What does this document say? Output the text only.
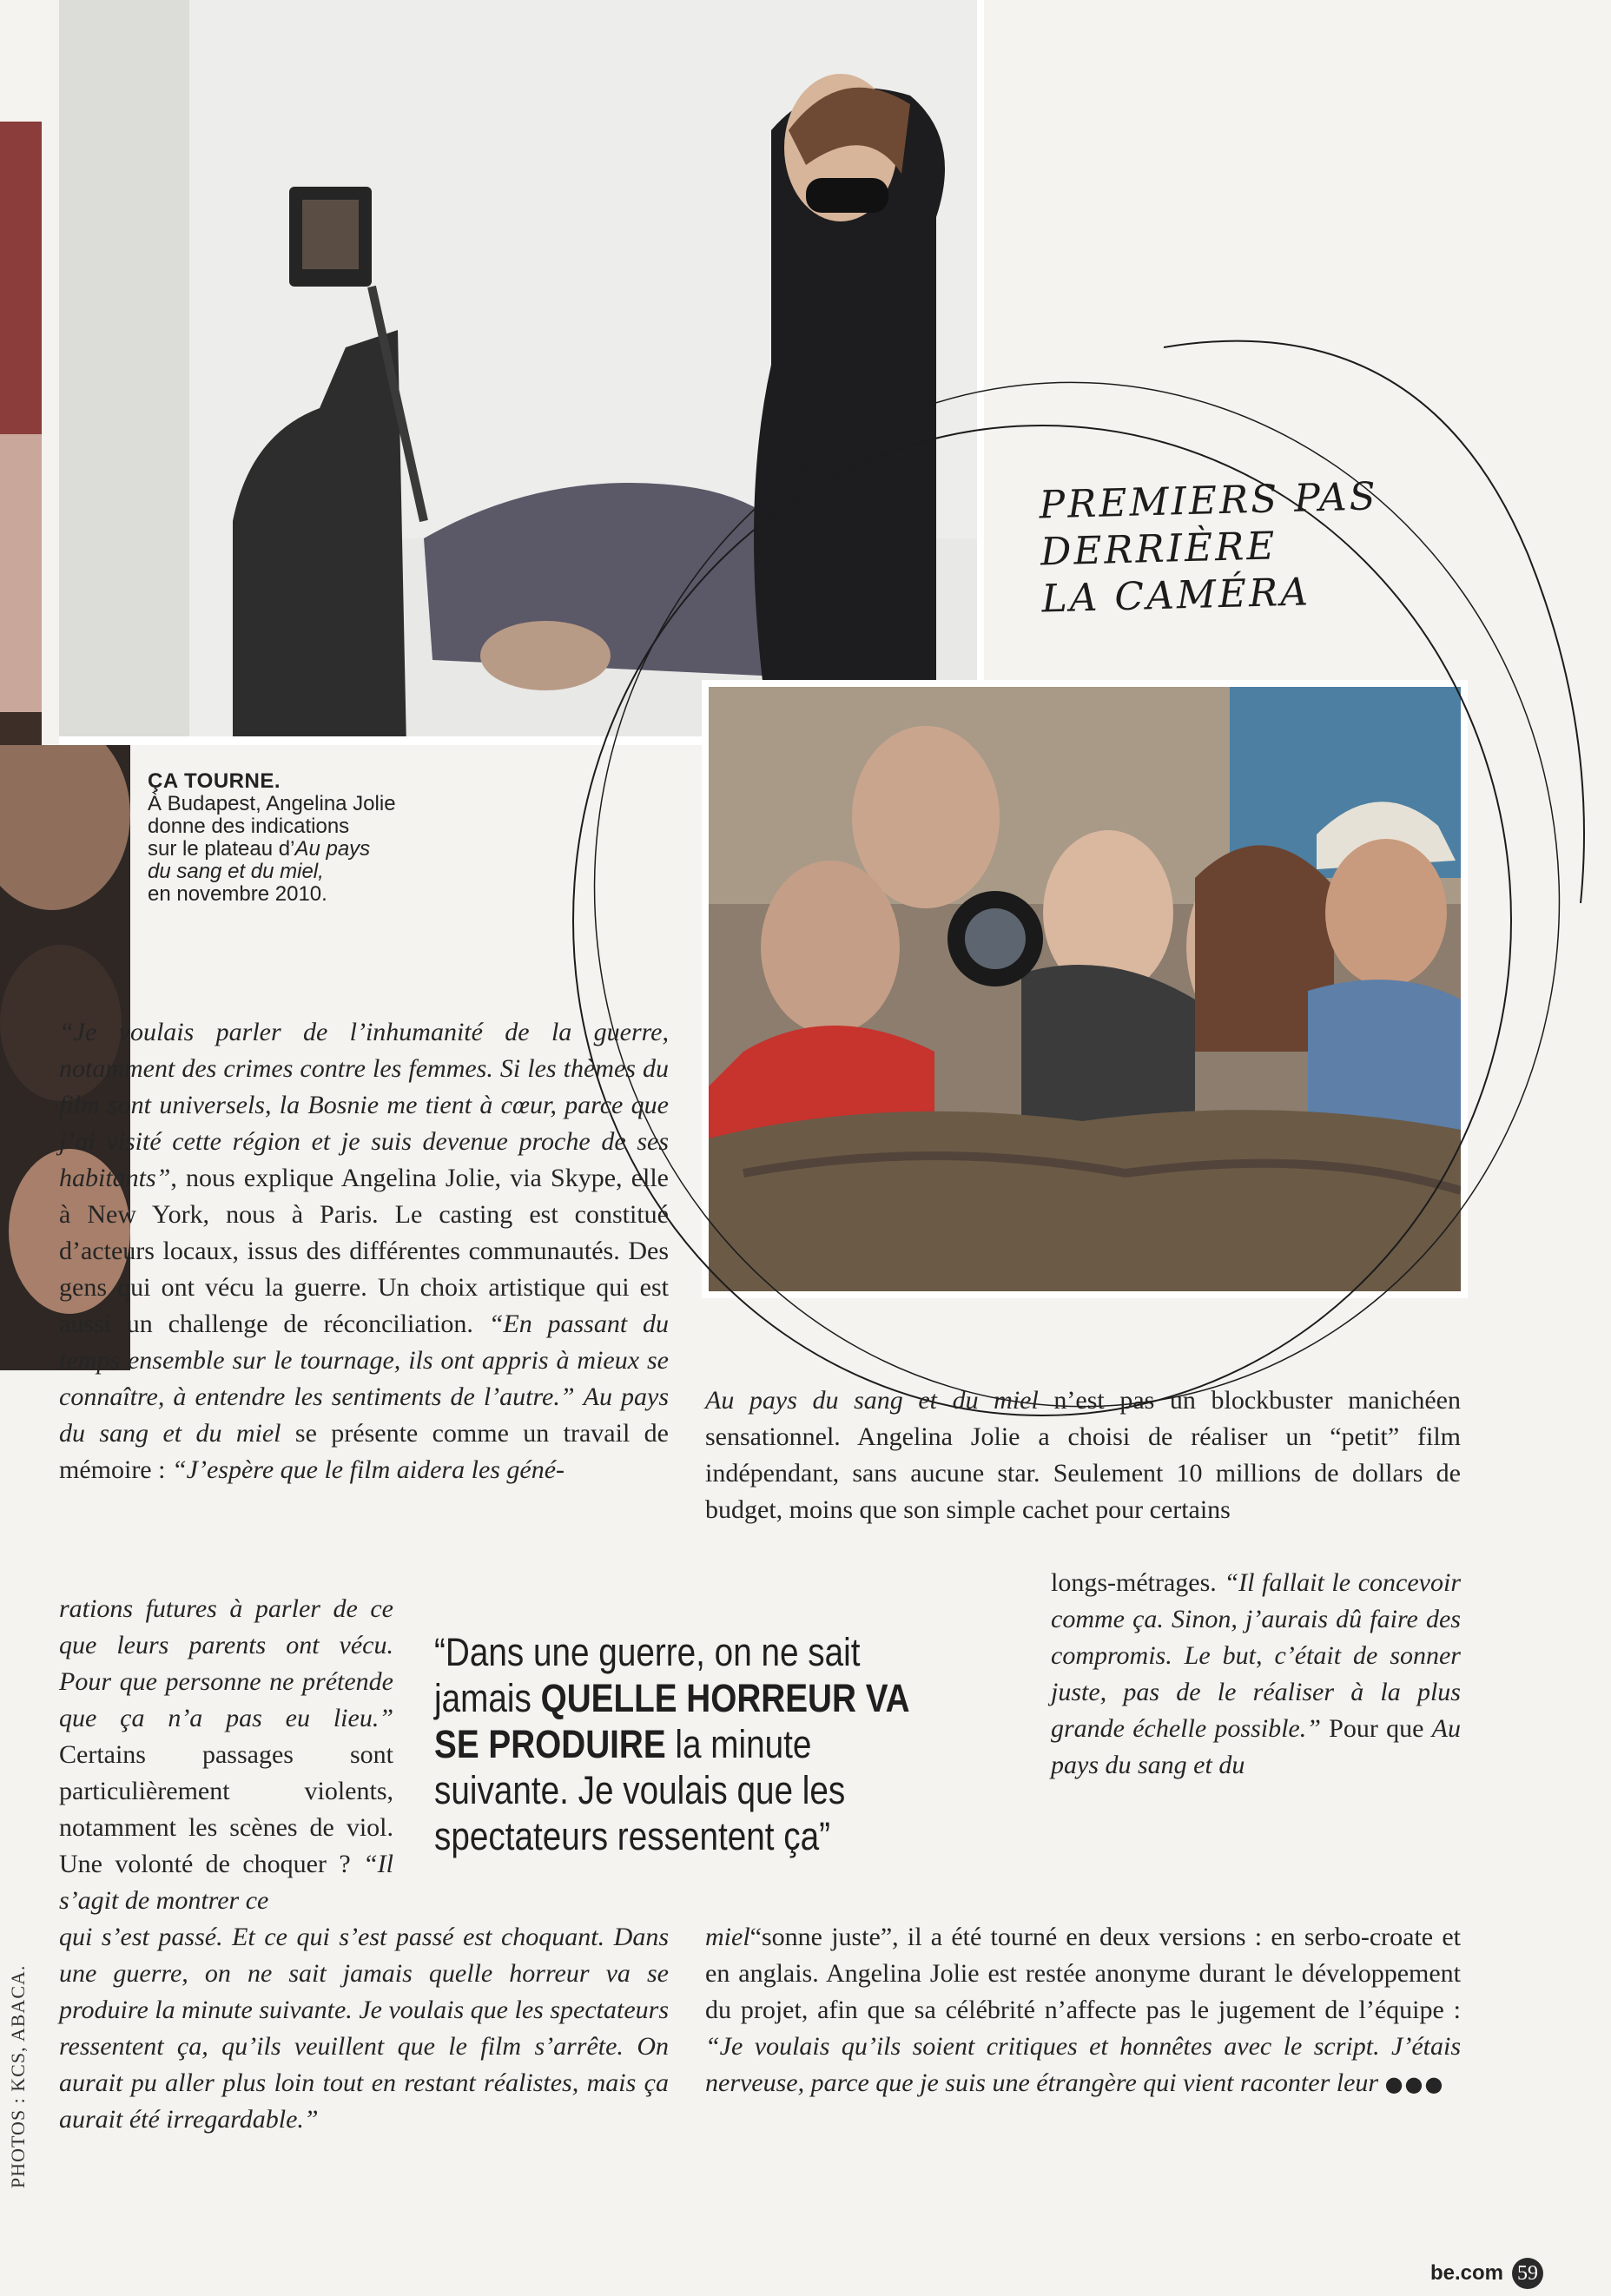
PREMIERS PAS
DERRIÈRE
LA CAMÉRA
ÇA TOURNE.
À Budapest, Angelina Jolie
donne des indications
sur le plateau d’Au pays
du sang et du miel,
en novembre 2010.

“Je voulais parler de l’inhumanité de la guerre, notamment des crimes contre les femmes. Si les thèmes du film sont universels, la Bosnie me tient à cœur, parce que j’ai visité cette région et je suis devenue proche de ses habitants”, nous explique Angelina Jolie, via Skype, elle à New York, nous à Paris. Le casting est constitué d’acteurs locaux, issus des différentes communautés. Des gens qui ont vécu la guerre. Un choix artistique qui est aussi un challenge de réconciliation. “En passant du temps ensemble sur le tournage, ils ont appris à mieux se connaître, à entendre les sentiments de l’autre.” Au pays du sang et du miel se présente comme un travail de mémoire : “J’espère que le film aidera les géné-

rations futures à parler de ce que leurs parents ont vécu. Pour que personne ne prétende que ça n’a pas eu lieu.” Certains passages sont particulièrement violents, notamment les scènes de viol. Une volonté de choquer ? “Il s’agit de montrer ce

qui s’est passé. Et ce qui s’est passé est choquant. Dans une guerre, on ne sait jamais quelle horreur va se produire la minute suivante. Je voulais que les spectateurs ressentent ça, qu’ils veuillent que le film s’arrête. On aurait pu aller plus loin tout en restant réalistes, mais ça aurait été irregardable.”

Au pays du sang et du miel n’est pas un blockbuster manichéen sensationnel. Angelina Jolie a choisi de réaliser un “petit” film indépendant, sans aucune star. Seulement 10 millions de dollars de budget, moins que son simple cachet pour certains

longs-métrages. “Il fallait le concevoir comme ça. Sinon, j’aurais dû faire des compromis. Le but, c’était de sonner juste, pas de le réaliser à la plus grande échelle possible.” Pour que Au pays du sang et du

miel“sonne juste”, il a été tourné en deux versions : en serbo-croate et en anglais. Angelina Jolie est restée anonyme durant le développement du projet, afin que sa célébrité n’affecte pas le jugement de l’équipe : “Je voulais qu’ils soient critiques et honnêtes avec le script. J’étais nerveuse, parce que je suis une étrangère qui vient raconter leur ●●●

“Dans une guerre, on ne sait jamais QUELLE HORREUR VA SE PRODUIRE la minute suivante. Je voulais que les spectateurs ressentent ça”
PHOTOS : KCS, ABACA.
be.com 59
